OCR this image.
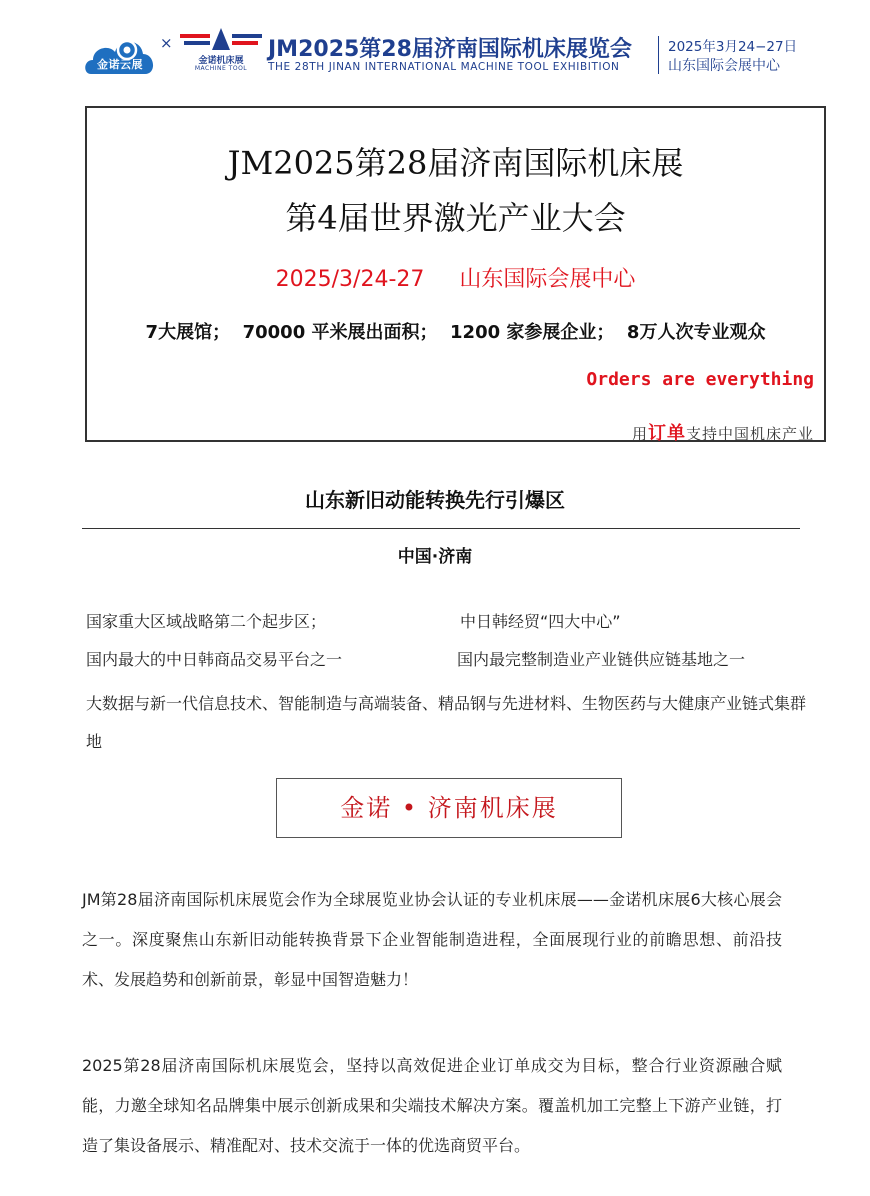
金诺云展
×
金诺机床展
MACHINE TOOL
JM2025第28届济南国际机床展览会
THE 28TH JINAN INTERNATIONAL MACHINE TOOL EXHIBITION
2025年3月24−27日
山东国际会展中心
JM2025第28届济南国际机床展
第4届世界激光产业大会
2025/3/24-27     山东国际会展中心
7大展馆；  70000 平米展出面积；  1200 家参展企业；  8万人次专业观众
Orders are everything
用订单支持中国机床产业
山东新旧动能转换先行引爆区
中国·济南
国家重大区域战略第二个起步区；	中日韩经贸“四大中心”
国内最大的中日韩商品交易平台之一	国内最完整制造业产业链供应链基地之一
大数据与新一代信息技术、智能制造与高端装备、精品钢与先进材料、生物医药与大健康产业链式集群地
金诺 • 济南机床展
JM第28届济南国际机床展览会作为全球展览业协会认证的专业机床展——金诺机床展6大核心展会之一。深度聚焦山东新旧动能转换背景下企业智能制造进程，全面展现行业的前瞻思想、前沿技术、发展趋势和创新前景，彰显中国智造魅力！
2025第28届济南国际机床展览会，坚持以高效促进企业订单成交为目标，整合行业资源融合赋能，力邀全球知名品牌集中展示创新成果和尖端技术解决方案。覆盖机加工完整上下游产业链，打造了集设备展示、精准配对、技术交流于一体的优选商贸平台。
